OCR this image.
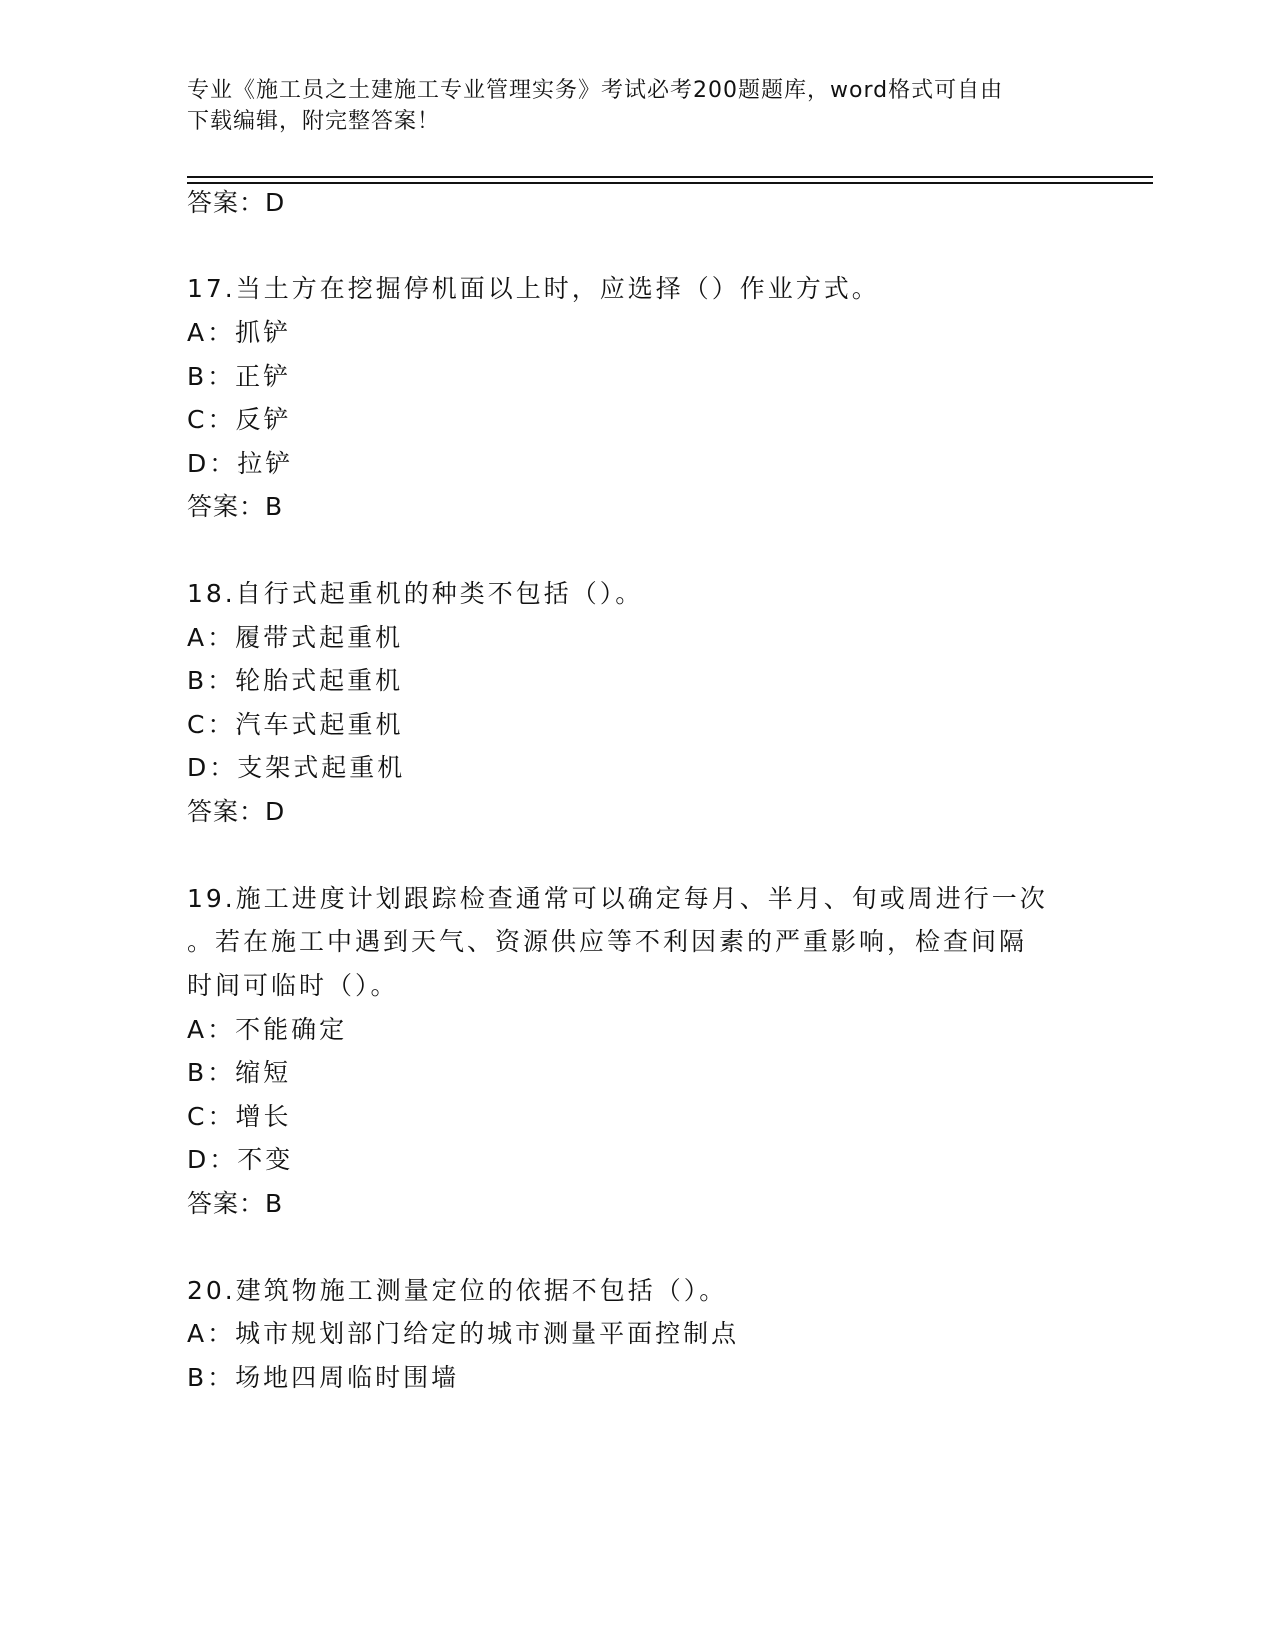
专业《施工员之土建施工专业管理实务》考试必考200题题库，word格式可自由
下载编辑，附完整答案！
答案：D
17.当土方在挖掘停机面以上时，应选择（）作业方式。
A：抓铲
B：正铲
C：反铲
D：拉铲
答案：B
18.自行式起重机的种类不包括（）。
A：履带式起重机
B：轮胎式起重机
C：汽车式起重机
D：支架式起重机
答案：D
19.施工进度计划跟踪检查通常可以确定每月、半月、旬或周进行一次
。若在施工中遇到天气、资源供应等不利因素的严重影响，检查间隔
时间可临时（）。
A：不能确定
B：缩短
C：增长
D：不变
答案：B
20.建筑物施工测量定位的依据不包括（）。
A：城市规划部门给定的城市测量平面控制点
B：场地四周临时围墙
